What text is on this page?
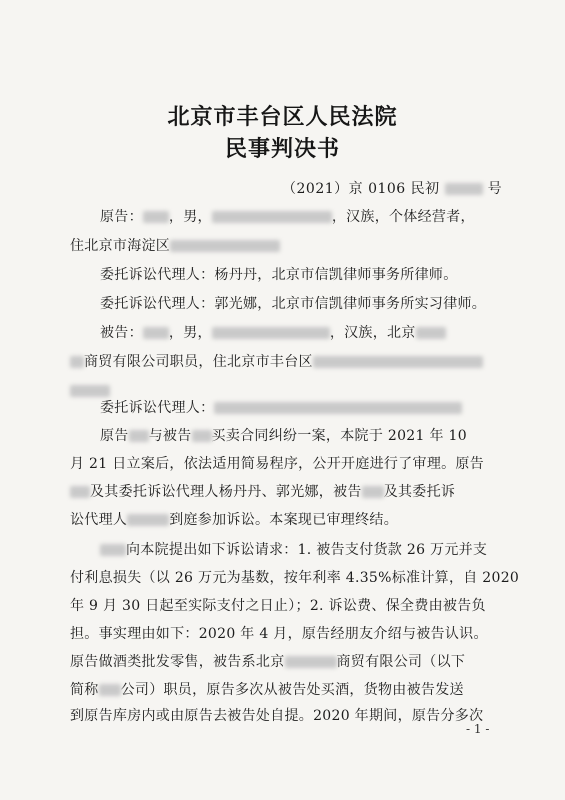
北京市丰台区人民法院
民事判决书
（2021）京 0106 民初	号
原告： ，男，	，汉族，个体经营者，
住北京市海淀区
委托诉讼代理人：杨丹丹，北京市信凯律师事务所律师。
委托诉讼代理人：郭光娜，北京市信凯律师事务所实习律师。
被告： ，男，	，汉族，北京
商贸有限公司职员，住北京市丰台区
委托诉讼代理人：
原告 与被告 买卖合同纠纷一案，本院于 2021 年 10
月 21 日立案后，依法适用简易程序，公开开庭进行了审理。原告
及其委托诉讼代理人杨丹丹、郭光娜，被告 及其委托诉
讼代理人	到庭参加诉讼。本案现已审理终结。
向本院提出如下诉讼请求：1. 被告支付货款 26 万元并支
付利息损失（以 26 万元为基数，按年利率 4.35%标准计算，自 2020
年 9 月 30 日起至实际支付之日止）；2. 诉讼费、保全费由被告负
担。事实理由如下：2020 年 4 月，原告经朋友介绍与被告认识。
原告做酒类批发零售，被告系北京	商贸有限公司（以下
简称 公司）职员，原告多次从被告处买酒，货物由被告发送
到原告库房内或由原告去被告处自提。2020 年期间，原告分多次
- 1 -
